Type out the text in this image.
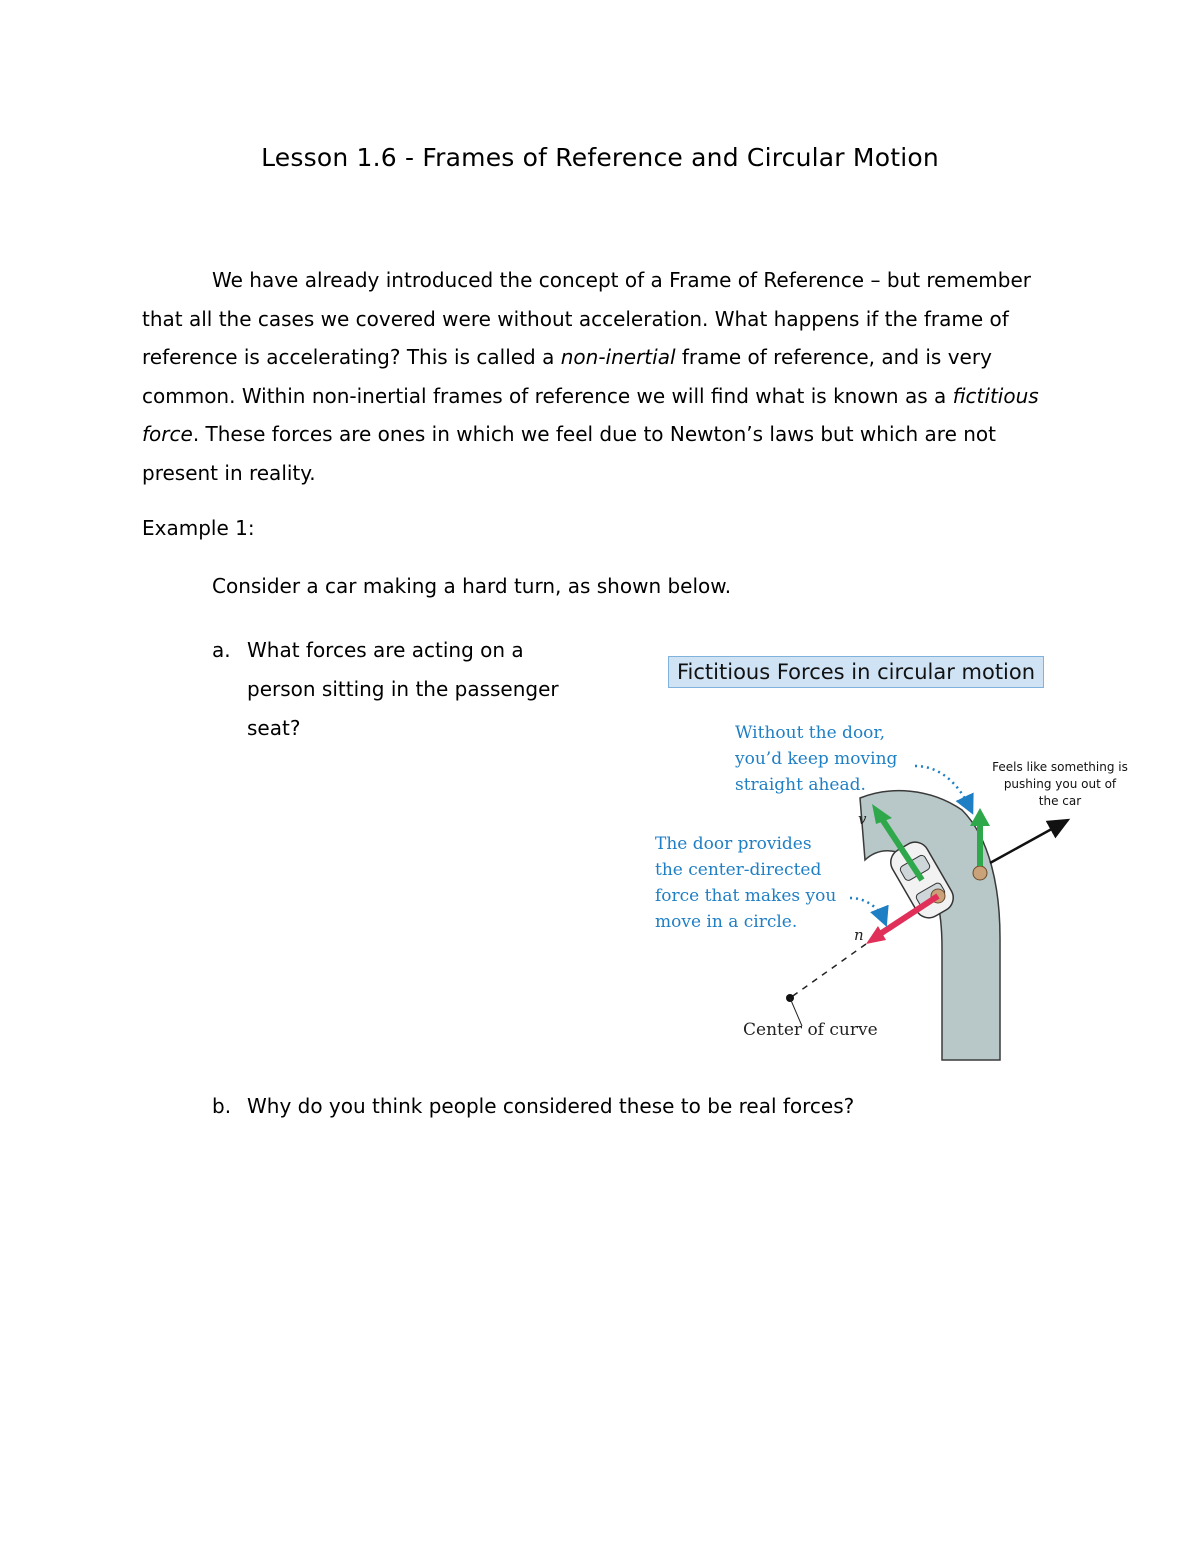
Lesson 1.6 - Frames of Reference and Circular Motion

We have already introduced the concept of a Frame of Reference – but remember that all the cases we covered were without acceleration. What happens if the frame of reference is accelerating? This is called a non-inertial frame of reference, and is very common. Within non-inertial frames of reference we will find what is known as a fictitious force. These forces are ones in which we feel due to Newton’s laws but which are not present in reality.

Example 1:

Consider a car making a hard turn, as shown below.

a. What forces are acting on a person sitting in the passenger seat?
Fictitious Forces in circular motion
Without the door,
you’d keep moving
straight ahead.
The door provides
the center-directed
force that makes you
move in a circle.
Feels like something is
pushing you out of
the car
v
n
Center of curve
b. Why do you think people considered these to be real forces?
